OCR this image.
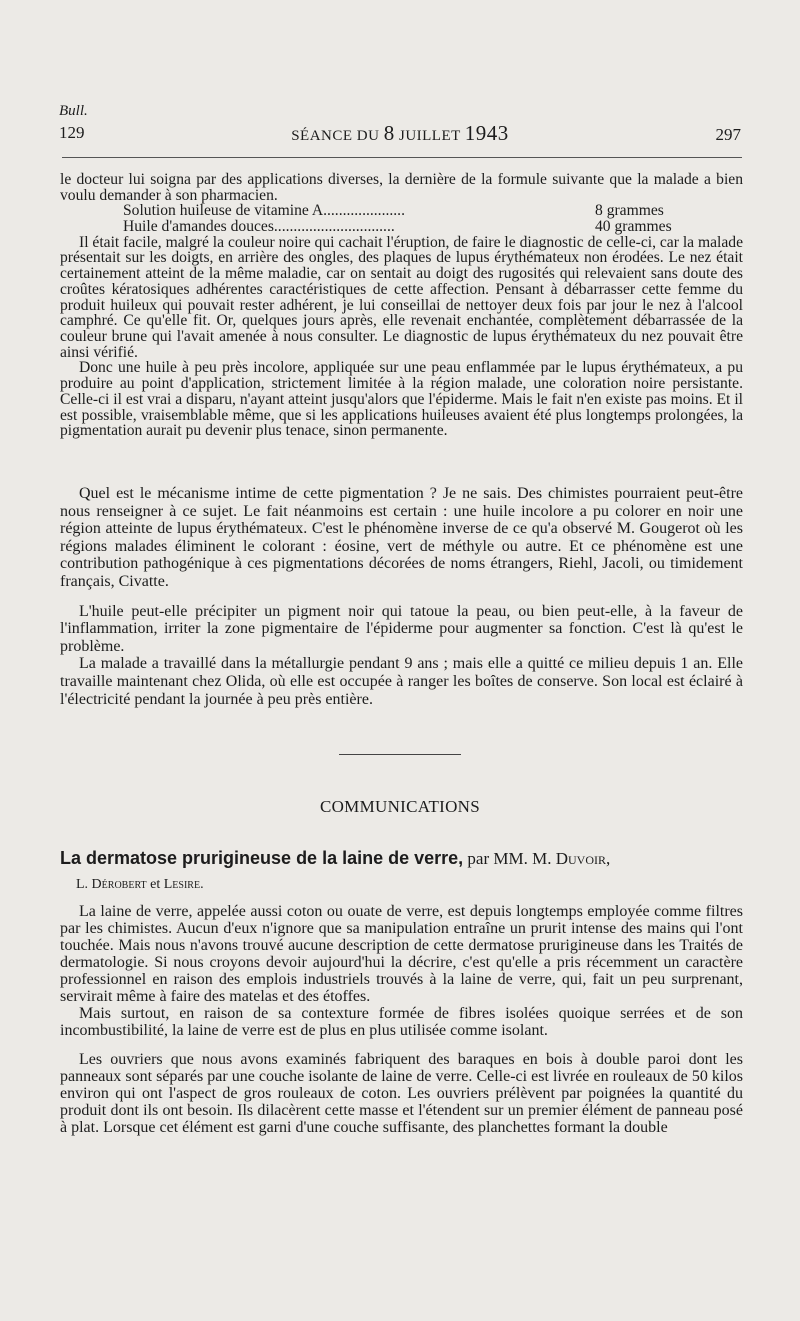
Bull.
129	SÉANCE DU 8 JUILLET 1943	297

le docteur lui soigna par des applications diverses, la dernière de la formule suivante que la malade a bien voulu demander à son pharmacien.

Solution huileuse de vitamine A.....................	8 grammes
Huile d'amandes douces...............................	40 grammes

Il était facile, malgré la couleur noire qui cachait l'éruption, de faire le diagnostic de celle-ci, car la malade présentait sur les doigts, en arrière des ongles, des plaques de lupus érythémateux non érodées. Le nez était certainement atteint de la même maladie, car on sentait au doigt des rugosités qui relevaient sans doute des croûtes kératosiques adhérentes caractéristiques de cette affection. Pensant à débarrasser cette femme du produit huileux qui pouvait rester adhérent, je lui conseillai de nettoyer deux fois par jour le nez à l'alcool camphré. Ce qu'elle fit. Or, quelques jours après, elle revenait enchantée, complètement débarrassée de la couleur brune qui l'avait amenée à nous consulter. Le diagnostic de lupus érythémateux du nez pouvait être ainsi vérifié.

Donc une huile à peu près incolore, appliquée sur une peau enflammée par le lupus érythémateux, a pu produire au point d'application, strictement limitée à la région malade, une coloration noire persistante. Celle-ci il est vrai a disparu, n'ayant atteint jusqu'alors que l'épiderme. Mais le fait n'en existe pas moins. Et il est possible, vraisemblable même, que si les applications huileuses avaient été plus longtemps prolongées, la pigmentation aurait pu devenir plus tenace, sinon permanente.

Quel est le mécanisme intime de cette pigmentation ? Je ne sais. Des chimistes pourraient peut-être nous renseigner à ce sujet. Le fait néanmoins est certain : une huile incolore a pu colorer en noir une région atteinte de lupus érythémateux. C'est le phénomène inverse de ce qu'a observé M. Gougerot où les régions malades éliminent le colorant : éosine, vert de méthyle ou autre. Et ce phénomène est une contribution pathogénique à ces pigmentations décorées de noms étrangers, Riehl, Jacoli, ou timidement français, Civatte.

L'huile peut-elle précipiter un pigment noir qui tatoue la peau, ou bien peut-elle, à la faveur de l'inflammation, irriter la zone pigmentaire de l'épiderme pour augmenter sa fonction. C'est là qu'est le problème.

La malade a travaillé dans la métallurgie pendant 9 ans ; mais elle a quitté ce milieu depuis 1 an. Elle travaille maintenant chez Olida, où elle est occupée à ranger les boîtes de conserve. Son local est éclairé à l'électricité pendant la journée à peu près entière.

COMMUNICATIONS
La dermatose prurigineuse de la laine de verre, par MM. M. Duvoir,
L. Dérobert et Lesire.

La laine de verre, appelée aussi coton ou ouate de verre, est depuis longtemps employée comme filtres par les chimistes. Aucun d'eux n'ignore que sa manipulation entraîne un prurit intense des mains qui l'ont touchée. Mais nous n'avons trouvé aucune description de cette dermatose prurigineuse dans les Traités de dermatologie. Si nous croyons devoir aujourd'hui la décrire, c'est qu'elle a pris récemment un caractère professionnel en raison des emplois industriels trouvés à la laine de verre, qui, fait un peu surprenant, servirait même à faire des matelas et des étoffes.

Mais surtout, en raison de sa contexture formée de fibres isolées quoique serrées et de son incombustibilité, la laine de verre est de plus en plus utilisée comme isolant.

Les ouvriers que nous avons examinés fabriquent des baraques en bois à double paroi dont les panneaux sont séparés par une couche isolante de laine de verre. Celle-ci est livrée en rouleaux de 50 kilos environ qui ont l'aspect de gros rouleaux de coton. Les ouvriers prélèvent par poignées la quantité du produit dont ils ont besoin. Ils dilacèrent cette masse et l'étendent sur un premier élément de panneau posé à plat. Lorsque cet élément est garni d'une couche suffisante, des planchettes formant la double
